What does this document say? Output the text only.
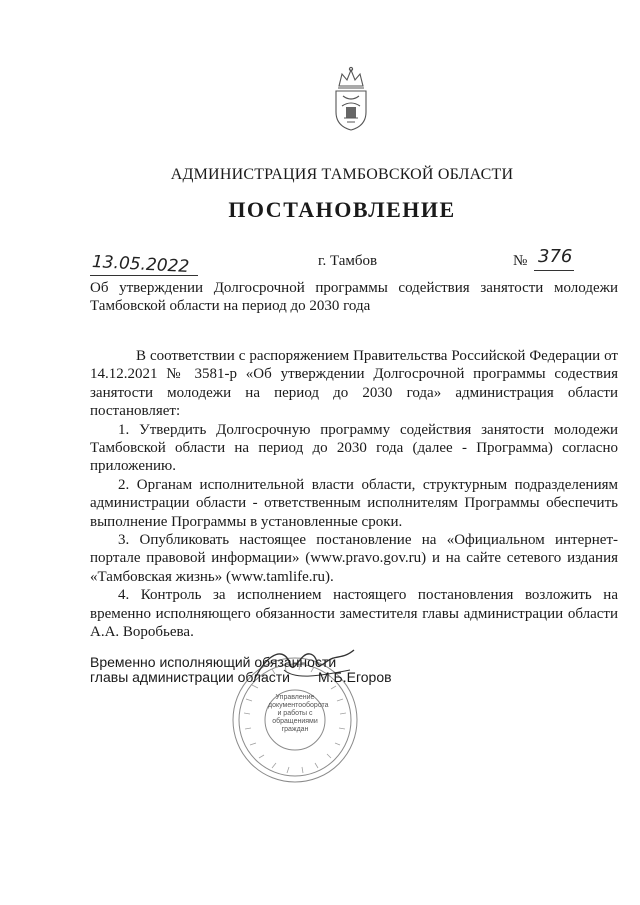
АДМИНИСТРАЦИЯ ТАМБОВСКОЙ ОБЛАСТИ
ПОСТАНОВЛЕНИЕ
13.05.2022	г. Тамбов	№ 376
Об утверждении Долгосрочной программы содействия занятости молодежи Тамбовской области на период до 2030 года

В соответствии с распоряжением Правительства Российской Федерации от 14.12.2021 № 3581-р «Об утверждении Долгосрочной программы содествия занятости молодежи на период до 2030 года» администрация области постановляет:

1. Утвердить Долгосрочную программу содействия занятости молодежи Тамбовской области на период до 2030 года (далее - Программа) согласно приложению.

2. Органам исполнительной власти области, структурным подразделениям администрации области - ответственным исполнителям Программы обеспечить выполнение Программы в установленные сроки.

3. Опубликовать настоящее постановление на «Официальном интернет-портале правовой информации» (www.pravo.gov.ru) и на сайте сетевого издания «Тамбовская жизнь» (www.tamlife.ru).

4. Контроль за исполнением настоящего постановления возложить на временно исполняющего обязанности заместителя главы администрации области А.А. Воробьева.

Управление документооборота и работы с обращениями граждан
Временно исполняющий обязанности
главы администрации области	М.Б.Егоров
